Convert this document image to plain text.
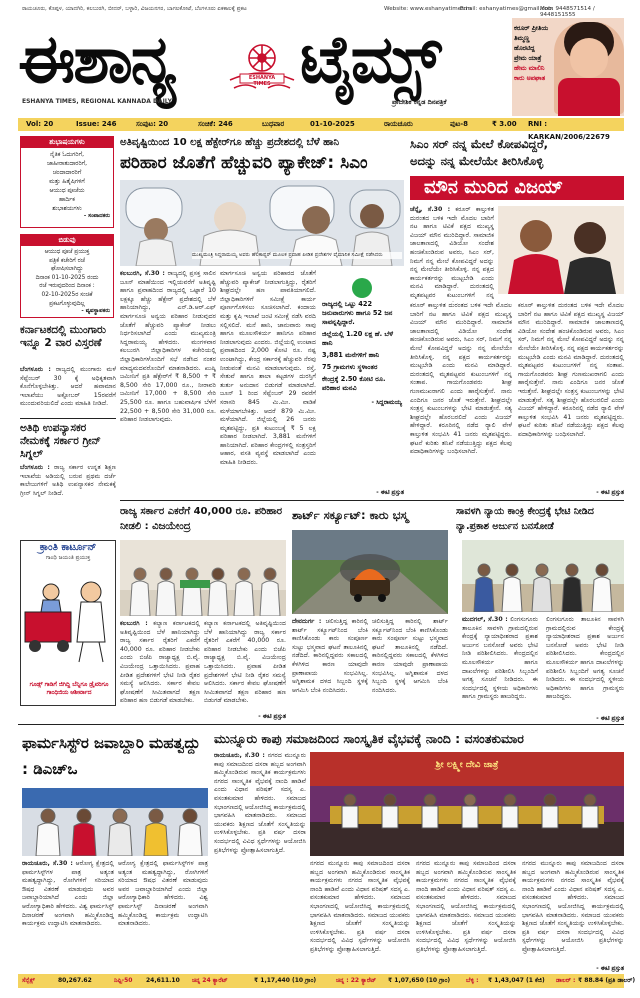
ರಾಯಚೂರು, ಕೊಪ್ಪಳ, ಯಾದಗಿರಿ, ಕಲಬುರಗಿ, ಬೀದರ್, ಬಳ್ಳಾರಿ, ವಿಜಯನಗರ, ಬಾಗಲಕೋಟೆ, ಬೆಂಗಳೂರು ಏಕಕಾಲಕ್ಕೆ ಪ್ರಕಟ	Website: www.eshanyatimes.in
Email: eshanyatimes@gmail.com
Mob: 9448571514 / 9448151555
ಈಶಾನ್ಯ	ESHANYA TIMES ಟೈಮ್ಸ್
ESHANYA TIMES, REGIONAL KANNADA DAILY	ಪ್ರಾದೇಶಿಕ ಕನ್ನಡ ದಿನಪತ್ರಿಕೆ
ಕರೂರ್ ಪ್ರೀತಿಯ
ತಿಮ್ಮಣ್ಣ
ಹೊರಟಿದ್ದ
ಪ್ರೇಮ ಯಾತ್ರೆ
ಹೇಮ ಮಾಲಿನಿ
ಕಾರು ಅಪಘಾತ
Vol: 20	Issue: 246	ಸಂಪುಟ: 20	ಸಂಚಿಕೆ: 246	ಬುಧವಾರ	01-10-2025	ರಾಯಚೂರು	ಪುಟ-8	₹ 3.00 RNI : KARKAN/2006/22679
ಶುಭಾಷಯಗಳು
ನೈತಿಕ ಓದುಗರಿಗೆ,
ಜಾಹೀರಾತುದಾರರಿಗೆ,
ಚಂದಾದಾರರಿಗೆ
ಮತ್ತು ಹಿತೈಷಿಗಳಿಗೆ
ಆಯುಧ ಪೂಜೆಯ
ಹಾರ್ದಿಕ
ಶುಭಾಶಯಗಳು
- ಸಂಪಾದಕರು
ಬಿಡುವು
ಆಯುಧ ಪೂಜೆ ಪ್ರಯುಕ್ತ
ಪತ್ರಿಕೆ ಕಚೇರಿಗೆ ರಜೆ
ಘೋಷಿಸಲಾಗಿದ್ದು
ದಿನಾಂಕ 01-10-2025 ರಂದು
ರಜೆ ಇರುವುದರಿಂದ ದಿನಾಂಕ :
02-10-2025ರ ಸಂಚಿಕೆ
ಪ್ರಕಟಗೊಳ್ಳುವುದಿಲ್ಲ
- ವ್ಯವಸ್ಥಾಪಕರು
ಕರ್ನಾಟಕದಲ್ಲಿ ಮುಂಗಾರು ಇನ್ನೂ 2 ವಾರ ವಿಸ್ತರಣೆ
ಬೆಂಗಳೂರು : ರಾಜ್ಯದಲ್ಲಿ ಮುಂಗಾರು ಮಳೆ ಸೆಪ್ಟೆಂಬರ್ 30 ಕ್ಕೆ ಅಧಿಕೃತವಾಗಿ ಕೊನೆಗೊಳ್ಳಬೇಕಿತ್ತು. ಆದರೆ ಹವಾಮಾನ ಇಲಾಖೆಯು ಅಕ್ಟೋಬರ್ 15ರವರೆಗೆ ಮುಂದುವರಿಯಲಿದೆ ಎಂದು ಮಾಹಿತಿ ನೀಡಿದೆ.
ಅತಿಥಿ ಉಪನ್ಯಾಸಕರ ನೇಮಕಕ್ಕೆ ಸರ್ಕಾರ ಗ್ರೀನ್ ಸಿಗ್ನಲ್
ಬೆಂಗಳೂರು : ರಾಜ್ಯ ಸರ್ಕಾರ ಉನ್ನತ ಶಿಕ್ಷಣ ಇಲಾಖೆಯ ಅಡಿಯಲ್ಲಿ ಬರುವ ಪ್ರಥಮ ದರ್ಜೆ ಕಾಲೇಜುಗಳಿಗೆ ಅತಿಥಿ ಉಪನ್ಯಾಸಕರ ನೇಮಕಕ್ಕೆ ಗ್ರೀನ್ ಸಿಗ್ನಲ್ ನೀಡಿದೆ.
ಕ್ರಾಂತಿ ಕಾರ್ಟೂನ್
ಗಾಂಧಿ ಜಯಂತಿ ಪ್ರಯುಕ್ತ
ಗೂಡ್ಸ್ ಗಾಡಿಗೆ ಜಿಗಿದ್ದಿ ಬೆನ್ನಿಗೂ ಡ್ರೈವರಿಗೂ ಗಾಂಧಿಜಿಯ ಆಶೀರ್ವಾದ
ಅತಿವೃಷ್ಟಿಯಿಂದ 10 ಲಕ್ಷ ಹೆಕ್ಟೇರ್‌ಗೂ ಹೆಚ್ಚು ಪ್ರದೇಶದಲ್ಲಿ ಬೆಳೆ ಹಾನಿ
ಪರಿಹಾರ ಜೊತೆಗೆ ಹೆಚ್ಚುವರಿ ಪ್ಯಾಕೇಜ್: ಸಿಎಂ
ಮುಖ್ಯಮಂತ್ರಿ ಸಿದ್ದರಾಮಯ್ಯ ಅವರು ಹೆಲಿಕಾಪ್ಟರ್ ಮೂಲಕ ಪ್ರವಾಹ ಪೀಡಿತ ಪ್ರದೇಶಗಳ ವೈಮಾನಿಕ ಸಮೀಕ್ಷೆ ನಡೆಸಿದರು
ಕಲಬುರಗಿ, ಸೆ.30 : ರಾಜ್ಯದಲ್ಲಿ ಪ್ರಸಕ್ತ ಸಾಲಿನ ಜೂನ್ ಮಾಹೆಯಿಂದ ಇಲ್ಲಿಯವರೆಗೆ ಅತಿವೃಷ್ಟಿ ಹಾಗೂ ಪ್ರವಾಹದಿಂದ ರಾಜ್ಯದಲ್ಲಿ ಒಟ್ಟಾರೆ 10 ಲಕ್ಷಕ್ಕೂ ಹೆಚ್ಚು ಹೆಕ್ಟೇರ್ ಪ್ರದೇಶದಲ್ಲಿ ಬೆಳೆ ಹಾನಿಯಾಗಿದ್ದು, ಎನ್.ಡಿ.ಆರ್.ಎಫ್ ಮಾರ್ಗಸೂಚಿ ಅನ್ವಯ ಪರಿಹಾರ ನೀಡುವುದರ ಜೊತೆಗೆ ಹೆಚ್ಚುವರಿ ಪ್ಯಾಕೇಜ್ ನೀಡಲು ನಿರ್ಧರಿಸಲಾಗಿದೆ ಎಂದು ಮುಖ್ಯಮಂತ್ರಿ ಸಿದ್ದರಾಮಯ್ಯ ಹೇಳಿದರು. ಮಂಗಳವಾರ ಕಲಬುರಗಿ ಜಿಲ್ಲಾಧಿಕಾರಿಗಳ ಕಚೇರಿಯಲ್ಲಿ ಜಿಲ್ಲಾಧಿಕಾರಿಗಳೊಂದಿಗೆ ಸಭೆ ನಡೆಸಿದ ನಂತರ ಮಾಧ್ಯಮದವರೊಂದಿಗೆ ಮಾತನಾಡಿದರು. ಖುಷ್ಕಿ ಜಮೀನಿಗೆ ಪ್ರತಿ ಹೆಕ್ಟೇರ್‌ಗೆ ₹ 8,500 + ₹ 8,500 ಸೇರಿ 17,000 ರೂ., ನೀರಾವರಿ ಜಮೀನಿಗೆ 17,000 + 8,500 ಸೇರಿ 25,500 ರೂ. ಹಾಗೂ ಬಹುವಾರ್ಷಿಕ ಬೆಳೆಗೆ 22,500 + 8,500 ಸೇರಿ 31,000 ರೂ. ಪರಿಹಾರ ನೀಡಲಾಗುವುದು.
ಮಾರ್ಗಸೂಚಿ ಅನ್ವಯ ಪರಿಹಾರದ ಜೊತೆಗೆ ಹೆಚ್ಚುವರಿ ಪ್ಯಾಕೇಜ್ ನೀಡಲಾಗುತ್ತಿದ್ದು, ರೈತರಿಗೆ ಶೀಘ್ರದಲ್ಲೇ ಹಣ ಪಾವತಿಯಾಗಲಿದೆ. ಜಿಲ್ಲಾಧಿಕಾರಿಗಳಿಗೆ ಸಮೀಕ್ಷೆ ಕಾರ್ಯ ಪೂರ್ಣಗೊಳಿಸಲು ಸೂಚಿಸಲಾಗಿದೆ. ಕಂದಾಯ ಮತ್ತು ಕೃಷಿ ಇಲಾಖೆ ಜಂಟಿ ಸಮೀಕ್ಷೆ ನಡೆಸಿ ವರದಿ ಸಲ್ಲಿಸಲಿದೆ. ಮನೆ ಹಾನಿ, ಜಾನುವಾರು ಸಾವು ಹಾಗೂ ಮೂಲಸೌಕರ್ಯ ಹಾನಿಗೂ ಪರಿಹಾರ ನೀಡಲಾಗುವುದು ಎಂದರು. ಜಿಲ್ಲೆಯಲ್ಲಿ ಉಂಟಾದ ಪ್ರವಾಹದಿಂದ 2,000 ಕೋಟಿ ರೂ. ನಷ್ಟ ಉಂಟಾಗಿದ್ದು, ಕೇಂದ್ರ ಸರ್ಕಾರಕ್ಕೆ ಹೆಚ್ಚುವರಿ ನೆರವು ನೀಡುವಂತೆ ಮನವಿ ಮಾಡಲಾಗುವುದು. ರಸ್ತೆ, ಸೇತುವೆ ಹಾಗೂ ಶಾಲಾ ಕಟ್ಟಡಗಳ ದುರಸ್ತಿಗೆ ತುರ್ತು ಅನುದಾನ ಬಿಡುಗಡೆ ಮಾಡಲಾಗಿದೆ. ಜೂನ್ 1 ರಿಂದ ಸೆಪ್ಟೆಂಬರ್ 29 ರವರೆಗೆ ಸರಾಸರಿ 845 ಮಿ.ಮೀ. ವಾಡಿಕೆ ಮಳೆಯಾಗಬೇಕಿತ್ತು. ಆದರೆ 879 ಮಿ.ಮೀ. ಮಳೆಯಾಗಿದೆ. ಜಿಲ್ಲೆಯಲ್ಲಿ 26 ಜನರು ಮೃತಪಟ್ಟಿದ್ದು, ಪ್ರತಿ ಕುಟುಂಬಕ್ಕೆ ₹ 5 ಲಕ್ಷ ಪರಿಹಾರ ನೀಡಲಾಗಿದೆ. 3,881 ಮನೆಗಳಿಗೆ ಹಾನಿಯಾಗಿದೆ. ಪರಿಹಾರ ಕೇಂದ್ರಗಳಲ್ಲಿ ಸಂತ್ರಸ್ತರಿಗೆ ಆಹಾರ, ವಸತಿ ವ್ಯವಸ್ಥೆ ಮಾಡಲಾಗಿದೆ ಎಂದು ಮಾಹಿತಿ ನೀಡಿದರು.
ರಾಜ್ಯದಲ್ಲಿ ಒಟ್ಟು 422 ಜನುವಾರುಗಳು ಹಾಗೂ 52 ಜನ ಸಾವನ್ನಪ್ಪಿದ್ದಾರೆ.
ಜಿಲ್ಲೆಯಲ್ಲಿ 1.20 ಲಕ್ಷ ಹೆ. ಬೆಳೆ ಹಾನಿ
3,881 ಮನೆಗಳಿಗೆ ಹಾನಿ
75 ಗ್ರಾಮಗಳು ಸ್ಥಳಾಂತರ
ಕೇಂದ್ರಕ್ಕೆ 2.50 ಕೋಟಿ ರೂ. ಪರಿಹಾರ ಮನವಿ
- ಸಿದ್ದರಾಮಯ್ಯ
- ಈಟಿ ಪ್ರಸ್ತುತ
ಸಿಎಂ ಸರ್ ನನ್ನ ಮೇಲೆ ಕೋಪವಿದ್ದರೆ,
ಅದನ್ನು ನನ್ನ ಮೇಲೆಯೇ ತೀರಿಸಿಕೊಳ್ಳಿ
ಮೌನ ಮುರಿದ ವಿಜಯ್
ಚೆನ್ನೈ, ಸೆ.30 : ಕರೂರ್ ಕಾಲ್ತುಳಿತ ದುರಂತದ ಬಳಿಕ ಇದೇ ಮೊದಲ ಬಾರಿಗೆ ನಟ ಹಾಗೂ ಟಿವಿಕೆ ಪಕ್ಷದ ಮುಖ್ಯಸ್ಥ ವಿಜಯ್ ಮೌನ ಮುರಿದಿದ್ದಾರೆ. ಸಾಮಾಜಿಕ ಜಾಲತಾಣದಲ್ಲಿ ವಿಡಿಯೋ ಸಂದೇಶ ಹಂಚಿಕೊಂಡಿರುವ ಅವರು, ಸಿಎಂ ಸರ್, ನಿಮಗೆ ನನ್ನ ಮೇಲೆ ಕೋಪವಿದ್ದರೆ ಅದನ್ನು ನನ್ನ ಮೇಲೆಯೇ ತೀರಿಸಿಕೊಳ್ಳಿ. ನನ್ನ ಪಕ್ಷದ ಕಾರ್ಯಕರ್ತರನ್ನು ಮುಟ್ಟಬೇಡಿ ಎಂದು ಮನವಿ ಮಾಡಿದ್ದಾರೆ. ದುರಂತದಲ್ಲಿ ಮೃತಪಟ್ಟವರ ಕುಟುಂಬಗಳಿಗೆ ನನ್ನ
ಕರೂರ್ ಕಾಲ್ತುಳಿತ ದುರಂತದ ಬಳಿಕ ಇದೇ ಮೊದಲ ಬಾರಿಗೆ ನಟ ಹಾಗೂ ಟಿವಿಕೆ ಪಕ್ಷದ ಮುಖ್ಯಸ್ಥ ವಿಜಯ್ ಮೌನ ಮುರಿದಿದ್ದಾರೆ. ಸಾಮಾಜಿಕ ಜಾಲತಾಣದಲ್ಲಿ ವಿಡಿಯೋ ಸಂದೇಶ ಹಂಚಿಕೊಂಡಿರುವ ಅವರು, ಸಿಎಂ ಸರ್, ನಿಮಗೆ ನನ್ನ ಮೇಲೆ ಕೋಪವಿದ್ದರೆ ಅದನ್ನು ನನ್ನ ಮೇಲೆಯೇ ತೀರಿಸಿಕೊಳ್ಳಿ. ನನ್ನ ಪಕ್ಷದ ಕಾರ್ಯಕರ್ತರನ್ನು ಮುಟ್ಟಬೇಡಿ ಎಂದು ಮನವಿ ಮಾಡಿದ್ದಾರೆ. ದುರಂತದಲ್ಲಿ ಮೃತಪಟ್ಟವರ ಕುಟುಂಬಗಳಿಗೆ ನನ್ನ ಸಂತಾಪ. ಗಾಯಗೊಂಡವರು ಶೀಘ್ರ ಗುಣಮುಖರಾಗಲಿ ಎಂದು ಹಾರೈಸುತ್ತೇನೆ. ನಾನು ಎಂದಿಗೂ ಜನರ ಜೊತೆ ಇರುತ್ತೇನೆ. ಶೀಘ್ರದಲ್ಲೇ ಸಂತ್ರಸ್ತ ಕುಟುಂಬಗಳನ್ನು ಭೇಟಿ ಮಾಡುತ್ತೇನೆ. ಸತ್ಯ ಶೀಘ್ರದಲ್ಲೇ ಹೊರಬರಲಿದೆ ಎಂದು ವಿಜಯ್ ಹೇಳಿದ್ದಾರೆ. ಕರೂರಿನಲ್ಲಿ ನಡೆದ ರ‍್ಯಾಲಿ ವೇಳೆ ಕಾಲ್ತುಳಿತ ಸಂಭವಿಸಿ 41 ಜನರು ಮೃತಪಟ್ಟಿದ್ದರು. ಘಟನೆ ಕುರಿತು ತನಿಖೆ ನಡೆಯುತ್ತಿದ್ದು ಪಕ್ಷದ ಕೆಲವು ಪದಾಧಿಕಾರಿಗಳನ್ನು ಬಂಧಿಸಲಾಗಿದೆ.
ಕರೂರ್ ಕಾಲ್ತುಳಿತ ದುರಂತದ ಬಳಿಕ ಇದೇ ಮೊದಲ ಬಾರಿಗೆ ನಟ ಹಾಗೂ ಟಿವಿಕೆ ಪಕ್ಷದ ಮುಖ್ಯಸ್ಥ ವಿಜಯ್ ಮೌನ ಮುರಿದಿದ್ದಾರೆ. ಸಾಮಾಜಿಕ ಜಾಲತಾಣದಲ್ಲಿ ವಿಡಿಯೋ ಸಂದೇಶ ಹಂಚಿಕೊಂಡಿರುವ ಅವರು, ಸಿಎಂ ಸರ್, ನಿಮಗೆ ನನ್ನ ಮೇಲೆ ಕೋಪವಿದ್ದರೆ ಅದನ್ನು ನನ್ನ ಮೇಲೆಯೇ ತೀರಿಸಿಕೊಳ್ಳಿ. ನನ್ನ ಪಕ್ಷದ ಕಾರ್ಯಕರ್ತರನ್ನು ಮುಟ್ಟಬೇಡಿ ಎಂದು ಮನವಿ ಮಾಡಿದ್ದಾರೆ. ದುರಂತದಲ್ಲಿ ಮೃತಪಟ್ಟವರ ಕುಟುಂಬಗಳಿಗೆ ನನ್ನ ಸಂತಾಪ. ಗಾಯಗೊಂಡವರು ಶೀಘ್ರ ಗುಣಮುಖರಾಗಲಿ ಎಂದು ಹಾರೈಸುತ್ತೇನೆ. ನಾನು ಎಂದಿಗೂ ಜನರ ಜೊತೆ ಇರುತ್ತೇನೆ. ಶೀಘ್ರದಲ್ಲೇ ಸಂತ್ರಸ್ತ ಕುಟುಂಬಗಳನ್ನು ಭೇಟಿ ಮಾಡುತ್ತೇನೆ. ಸತ್ಯ ಶೀಘ್ರದಲ್ಲೇ ಹೊರಬರಲಿದೆ ಎಂದು ವಿಜಯ್ ಹೇಳಿದ್ದಾರೆ. ಕರೂರಿನಲ್ಲಿ ನಡೆದ ರ‍್ಯಾಲಿ ವೇಳೆ ಕಾಲ್ತುಳಿತ ಸಂಭವಿಸಿ 41 ಜನರು ಮೃತಪಟ್ಟಿದ್ದರು. ಘಟನೆ ಕುರಿತು ತನಿಖೆ ನಡೆಯುತ್ತಿದ್ದು ಪಕ್ಷದ ಕೆಲವು ಪದಾಧಿಕಾರಿಗಳನ್ನು ಬಂಧಿಸಲಾಗಿದೆ.
- ಈಟಿ ಪ್ರಸ್ತುತ
ರಾಜ್ಯ ಸರ್ಕಾರ ಎಕರೆಗೆ 40,000 ರೂ. ಪರಿಹಾರ ನೀಡಲಿ : ವಿಜಯೇಂದ್ರ
ಕಲಬುರಗಿ : ಕಲ್ಯಾಣ ಕರ್ನಾಟಕದಲ್ಲಿ ಅತಿವೃಷ್ಟಿಯಿಂದ ಬೆಳೆ ಹಾನಿಯಾಗಿದ್ದು ರಾಜ್ಯ ಸರ್ಕಾರ ರೈತರಿಗೆ ಎಕರೆಗೆ 40,000 ರೂ. ಪರಿಹಾರ ನೀಡಬೇಕು ಎಂದು ಬಿಜೆಪಿ ರಾಜ್ಯಾಧ್ಯಕ್ಷ ಬಿ.ವೈ. ವಿಜಯೇಂದ್ರ ಒತ್ತಾಯಿಸಿದರು. ಪ್ರವಾಹ ಪೀಡಿತ ಪ್ರದೇಶಗಳಿಗೆ ಭೇಟಿ ನೀಡಿ ರೈತರ ಸಮಸ್ಯೆ ಆಲಿಸಿದರು. ಸರ್ಕಾರ ಕೇವಲ ಘೋಷಣೆಗೆ ಸೀಮಿತವಾಗದೆ ತಕ್ಷಣ ಪರಿಹಾರ ಹಣ ಬಿಡುಗಡೆ ಮಾಡಬೇಕು.
ಕಲ್ಯಾಣ ಕರ್ನಾಟಕದಲ್ಲಿ ಅತಿವೃಷ್ಟಿಯಿಂದ ಬೆಳೆ ಹಾನಿಯಾಗಿದ್ದು ರಾಜ್ಯ ಸರ್ಕಾರ ರೈತರಿಗೆ ಎಕರೆಗೆ 40,000 ರೂ. ಪರಿಹಾರ ನೀಡಬೇಕು ಎಂದು ಬಿಜೆಪಿ ರಾಜ್ಯಾಧ್ಯಕ್ಷ ಬಿ.ವೈ. ವಿಜಯೇಂದ್ರ ಒತ್ತಾಯಿಸಿದರು. ಪ್ರವಾಹ ಪೀಡಿತ ಪ್ರದೇಶಗಳಿಗೆ ಭೇಟಿ ನೀಡಿ ರೈತರ ಸಮಸ್ಯೆ ಆಲಿಸಿದರು. ಸರ್ಕಾರ ಕೇವಲ ಘೋಷಣೆಗೆ ಸೀಮಿತವಾಗದೆ ತಕ್ಷಣ ಪರಿಹಾರ ಹಣ ಬಿಡುಗಡೆ ಮಾಡಬೇಕು.
- ಈಟಿ ಪ್ರಸ್ತುತ
ಶಾರ್ಟ್ ಸರ್ಕ್ಯೂಟ್: ಕಾರು ಭಸ್ಮ
ದೇವದುರ್ಗ : ಚಲಿಸುತ್ತಿದ್ದ ಕಾರಿನಲ್ಲಿ ಶಾರ್ಟ್ ಸರ್ಕ್ಯೂಟ್‌ನಿಂದ ಬೆಂಕಿ ಕಾಣಿಸಿಕೊಂಡು ಕಾರು ಸಂಪೂರ್ಣ ಸುಟ್ಟು ಭಸ್ಮವಾದ ಘಟನೆ ತಾಲೂಕಿನಲ್ಲಿ ನಡೆದಿದೆ. ಕಾರಿನಲ್ಲಿದ್ದವರು ಸಕಾಲದಲ್ಲಿ ಕೆಳಗಿಳಿದ ಕಾರಣ ಯಾವುದೇ ಪ್ರಾಣಾಪಾಯ ಸಂಭವಿಸಿಲ್ಲ. ಅಗ್ನಿಶಾಮಕ ದಳದ ಸಿಬ್ಬಂದಿ ಸ್ಥಳಕ್ಕೆ ಆಗಮಿಸಿ ಬೆಂಕಿ ನಂದಿಸಿದರು.
ಚಲಿಸುತ್ತಿದ್ದ ಕಾರಿನಲ್ಲಿ ಶಾರ್ಟ್ ಸರ್ಕ್ಯೂಟ್‌ನಿಂದ ಬೆಂಕಿ ಕಾಣಿಸಿಕೊಂಡು ಕಾರು ಸಂಪೂರ್ಣ ಸುಟ್ಟು ಭಸ್ಮವಾದ ಘಟನೆ ತಾಲೂಕಿನಲ್ಲಿ ನಡೆದಿದೆ. ಕಾರಿನಲ್ಲಿದ್ದವರು ಸಕಾಲದಲ್ಲಿ ಕೆಳಗಿಳಿದ ಕಾರಣ ಯಾವುದೇ ಪ್ರಾಣಾಪಾಯ ಸಂಭವಿಸಿಲ್ಲ. ಅಗ್ನಿಶಾಮಕ ದಳದ ಸಿಬ್ಬಂದಿ ಸ್ಥಳಕ್ಕೆ ಆಗಮಿಸಿ ಬೆಂಕಿ ನಂದಿಸಿದರು.
ಸಾವಳಗಿ ನ್ಯಾಯ ಕಾಂಕ್ರಿ ಕೇಂದ್ರಕ್ಕೆ ಭೇಟಿ ನೀಡಿದ ನ್ಯಾ.ಪ್ರಕಾಶ ಅರ್ಜುನ ಬನಸೋಡೆ
ಮುದಗಲ್, ಸೆ.30 : ಲಿಂಗಸುಗೂರು ತಾಲೂಕಿನ ಸಾವಳಗಿ ಗ್ರಾಮದಲ್ಲಿರುವ ಕೇಂದ್ರಕ್ಕೆ ನ್ಯಾಯಾಧೀಶರಾದ ಪ್ರಕಾಶ ಅರ್ಜುನ ಬನಸೋಡೆ ಅವರು ಭೇಟಿ ನೀಡಿ ಪರಿಶೀಲಿಸಿದರು. ಕೇಂದ್ರದಲ್ಲಿನ ಮೂಲಸೌಕರ್ಯ ಹಾಗೂ ದಾಖಲೆಗಳನ್ನು ಪರಿಶೀಲಿಸಿ ಸಿಬ್ಬಂದಿಗೆ ಅಗತ್ಯ ಸೂಚನೆ ನೀಡಿದರು. ಈ ಸಂದರ್ಭದಲ್ಲಿ ಸ್ಥಳೀಯ ಅಧಿಕಾರಿಗಳು ಹಾಗೂ ಗ್ರಾಮಸ್ಥರು ಹಾಜರಿದ್ದರು.
ಲಿಂಗಸುಗೂರು ತಾಲೂಕಿನ ಸಾವಳಗಿ ಗ್ರಾಮದಲ್ಲಿರುವ ಕೇಂದ್ರಕ್ಕೆ ನ್ಯಾಯಾಧೀಶರಾದ ಪ್ರಕಾಶ ಅರ್ಜುನ ಬನಸೋಡೆ ಅವರು ಭೇಟಿ ನೀಡಿ ಪರಿಶೀಲಿಸಿದರು. ಕೇಂದ್ರದಲ್ಲಿನ ಮೂಲಸೌಕರ್ಯ ಹಾಗೂ ದಾಖಲೆಗಳನ್ನು ಪರಿಶೀಲಿಸಿ ಸಿಬ್ಬಂದಿಗೆ ಅಗತ್ಯ ಸೂಚನೆ ನೀಡಿದರು. ಈ ಸಂದರ್ಭದಲ್ಲಿ ಸ್ಥಳೀಯ ಅಧಿಕಾರಿಗಳು ಹಾಗೂ ಗ್ರಾಮಸ್ಥರು ಹಾಜರಿದ್ದರು.
- ಈಟಿ ಪ್ರಸ್ತುತ
ಫಾರ್ಮಸಿಸ್ಟ್‌ರ ಜವಾಬ್ದಾರಿ ಮಹತ್ವದ್ದು : ಡಿಎಚ್ಒ
ರಾಯಚೂರು, ಸೆ.30 : ಆರೋಗ್ಯ ಕ್ಷೇತ್ರದಲ್ಲಿ ಫಾರ್ಮಸಿಸ್ಟ್‌ಗಳ ಪಾತ್ರ ಅತ್ಯಂತ ಮಹತ್ವದ್ದಾಗಿದ್ದು, ರೋಗಿಗಳಿಗೆ ಸರಿಯಾದ ಔಷಧ ವಿತರಣೆ ಮಾಡುವುದು ಅವರ ಜವಾಬ್ದಾರಿಯಾಗಿದೆ ಎಂದು ಜಿಲ್ಲಾ ಆರೋಗ್ಯಾಧಿಕಾರಿ ಹೇಳಿದರು. ವಿಶ್ವ ಫಾರ್ಮಸಿಸ್ಟ್ ದಿನಾಚರಣೆ ಅಂಗವಾಗಿ ಹಮ್ಮಿಕೊಂಡಿದ್ದ ಕಾರ್ಯಕ್ರಮ ಉದ್ಘಾಟಿಸಿ ಮಾತನಾಡಿದರು.
ಆರೋಗ್ಯ ಕ್ಷೇತ್ರದಲ್ಲಿ ಫಾರ್ಮಸಿಸ್ಟ್‌ಗಳ ಪಾತ್ರ ಅತ್ಯಂತ ಮಹತ್ವದ್ದಾಗಿದ್ದು, ರೋಗಿಗಳಿಗೆ ಸರಿಯಾದ ಔಷಧ ವಿತರಣೆ ಮಾಡುವುದು ಅವರ ಜವಾಬ್ದಾರಿಯಾಗಿದೆ ಎಂದು ಜಿಲ್ಲಾ ಆರೋಗ್ಯಾಧಿಕಾರಿ ಹೇಳಿದರು. ವಿಶ್ವ ಫಾರ್ಮಸಿಸ್ಟ್ ದಿನಾಚರಣೆ ಅಂಗವಾಗಿ ಹಮ್ಮಿಕೊಂಡಿದ್ದ ಕಾರ್ಯಕ್ರಮ ಉದ್ಘಾಟಿಸಿ ಮಾತನಾಡಿದರು.
ಮುನ್ನೂರು ಕಾಪು ಸಮಾಜದಿಂದ ಸಾಂಸ್ಕೃತಿಕ ವೈಭವಕ್ಕೆ ನಾಂದಿ : ವಸಂತಕುಮಾರ
ರಾಯಚೂರು, ಸೆ.30 : ನಗರದ ಮುನ್ನೂರು ಕಾಪು ಸಮಾಜದಿಂದ ದಸರಾ ಹಬ್ಬದ ಅಂಗವಾಗಿ ಹಮ್ಮಿಕೊಂಡಿರುವ ಸಾಂಸ್ಕೃತಿಕ ಕಾರ್ಯಕ್ರಮಗಳು ನಗರದ ಸಾಂಸ್ಕೃತಿಕ ವೈಭವಕ್ಕೆ ನಾಂದಿ ಹಾಡಿವೆ ಎಂದು ವಿಧಾನ ಪರಿಷತ್ ಸದಸ್ಯ ಎ. ವಸಂತಕುಮಾರ ಹೇಳಿದರು. ಸಮಾಜದ ಸಭಾಂಗಣದಲ್ಲಿ ಆಯೋಜಿಸಿದ್ದ ಕಾರ್ಯಕ್ರಮದಲ್ಲಿ ಭಾಗವಹಿಸಿ ಮಾತನಾಡಿದರು. ಸಮಾಜದ ಯುವಕರು ಶಿಕ್ಷಣದ ಜೊತೆಗೆ ಸಂಸ್ಕೃತಿಯನ್ನು ಉಳಿಸಿಕೊಳ್ಳಬೇಕು. ಪ್ರತಿ ವರ್ಷ ದಸರಾ ಸಂದರ್ಭದಲ್ಲಿ ವಿವಿಧ ಸ್ಪರ್ಧೆಗಳನ್ನು ಆಯೋಜಿಸಿ ಪ್ರತಿಭೆಗಳನ್ನು ಪ್ರೋತ್ಸಾಹಿಸಲಾಗುತ್ತಿದೆ.
ಶ್ರೀ ಲಕ್ಷ್ಮೀ ದೇವಿ ಜಾತ್ರೆ
ನಗರದ ಮುನ್ನೂರು ಕಾಪು ಸಮಾಜದಿಂದ ದಸರಾ ಹಬ್ಬದ ಅಂಗವಾಗಿ ಹಮ್ಮಿಕೊಂಡಿರುವ ಸಾಂಸ್ಕೃತಿಕ ಕಾರ್ಯಕ್ರಮಗಳು ನಗರದ ಸಾಂಸ್ಕೃತಿಕ ವೈಭವಕ್ಕೆ ನಾಂದಿ ಹಾಡಿವೆ ಎಂದು ವಿಧಾನ ಪರಿಷತ್ ಸದಸ್ಯ ಎ. ವಸಂತಕುಮಾರ ಹೇಳಿದರು. ಸಮಾಜದ ಸಭಾಂಗಣದಲ್ಲಿ ಆಯೋಜಿಸಿದ್ದ ಕಾರ್ಯಕ್ರಮದಲ್ಲಿ ಭಾಗವಹಿಸಿ ಮಾತನಾಡಿದರು. ಸಮಾಜದ ಯುವಕರು ಶಿಕ್ಷಣದ ಜೊತೆಗೆ ಸಂಸ್ಕೃತಿಯನ್ನು ಉಳಿಸಿಕೊಳ್ಳಬೇಕು. ಪ್ರತಿ ವರ್ಷ ದಸರಾ ಸಂದರ್ಭದಲ್ಲಿ ವಿವಿಧ ಸ್ಪರ್ಧೆಗಳನ್ನು ಆಯೋಜಿಸಿ ಪ್ರತಿಭೆಗಳನ್ನು ಪ್ರೋತ್ಸಾಹಿಸಲಾಗುತ್ತಿದೆ.
ನಗರದ ಮುನ್ನೂರು ಕಾಪು ಸಮಾಜದಿಂದ ದಸರಾ ಹಬ್ಬದ ಅಂಗವಾಗಿ ಹಮ್ಮಿಕೊಂಡಿರುವ ಸಾಂಸ್ಕೃತಿಕ ಕಾರ್ಯಕ್ರಮಗಳು ನಗರದ ಸಾಂಸ್ಕೃತಿಕ ವೈಭವಕ್ಕೆ ನಾಂದಿ ಹಾಡಿವೆ ಎಂದು ವಿಧಾನ ಪರಿಷತ್ ಸದಸ್ಯ ಎ. ವಸಂತಕುಮಾರ ಹೇಳಿದರು. ಸಮಾಜದ ಸಭಾಂಗಣದಲ್ಲಿ ಆಯೋಜಿಸಿದ್ದ ಕಾರ್ಯಕ್ರಮದಲ್ಲಿ ಭಾಗವಹಿಸಿ ಮಾತನಾಡಿದರು. ಸಮಾಜದ ಯುವಕರು ಶಿಕ್ಷಣದ ಜೊತೆಗೆ ಸಂಸ್ಕೃತಿಯನ್ನು ಉಳಿಸಿಕೊಳ್ಳಬೇಕು. ಪ್ರತಿ ವರ್ಷ ದಸರಾ ಸಂದರ್ಭದಲ್ಲಿ ವಿವಿಧ ಸ್ಪರ್ಧೆಗಳನ್ನು ಆಯೋಜಿಸಿ ಪ್ರತಿಭೆಗಳನ್ನು ಪ್ರೋತ್ಸಾಹಿಸಲಾಗುತ್ತಿದೆ.
ನಗರದ ಮುನ್ನೂರು ಕಾಪು ಸಮಾಜದಿಂದ ದಸರಾ ಹಬ್ಬದ ಅಂಗವಾಗಿ ಹಮ್ಮಿಕೊಂಡಿರುವ ಸಾಂಸ್ಕೃತಿಕ ಕಾರ್ಯಕ್ರಮಗಳು ನಗರದ ಸಾಂಸ್ಕೃತಿಕ ವೈಭವಕ್ಕೆ ನಾಂದಿ ಹಾಡಿವೆ ಎಂದು ವಿಧಾನ ಪರಿಷತ್ ಸದಸ್ಯ ಎ. ವಸಂತಕುಮಾರ ಹೇಳಿದರು. ಸಮಾಜದ ಸಭಾಂಗಣದಲ್ಲಿ ಆಯೋಜಿಸಿದ್ದ ಕಾರ್ಯಕ್ರಮದಲ್ಲಿ ಭಾಗವಹಿಸಿ ಮಾತನಾಡಿದರು. ಸಮಾಜದ ಯುವಕರು ಶಿಕ್ಷಣದ ಜೊತೆಗೆ ಸಂಸ್ಕೃತಿಯನ್ನು ಉಳಿಸಿಕೊಳ್ಳಬೇಕು. ಪ್ರತಿ ವರ್ಷ ದಸರಾ ಸಂದರ್ಭದಲ್ಲಿ ವಿವಿಧ ಸ್ಪರ್ಧೆಗಳನ್ನು ಆಯೋಜಿಸಿ ಪ್ರತಿಭೆಗಳನ್ನು ಪ್ರೋತ್ಸಾಹಿಸಲಾಗುತ್ತಿದೆ.
- ಈಟಿ ಪ್ರಸ್ತುತ
ಸೆನ್ಸೆಕ್ಸ್	80,267.62	ನಿಫ್ಟಿ-50 24,611.10 ಚಿನ್ನ 24 ಕ್ಯಾರೆಟ್	₹ 1,17,440 (10 ಗ್ರಾಂ)	ಚಿನ್ನ : 22 ಕ್ಯಾರೆಟ್ ₹ 1,07,650 (10 ಗ್ರಾಂ)	ಬೆಳ್ಳಿ : ₹ 1,43,047 (1 ಕೆಜಿ) ಡಾಲರ್ : ₹ 88.84 (ಪ್ರತಿ ಡಾಲರ್)
